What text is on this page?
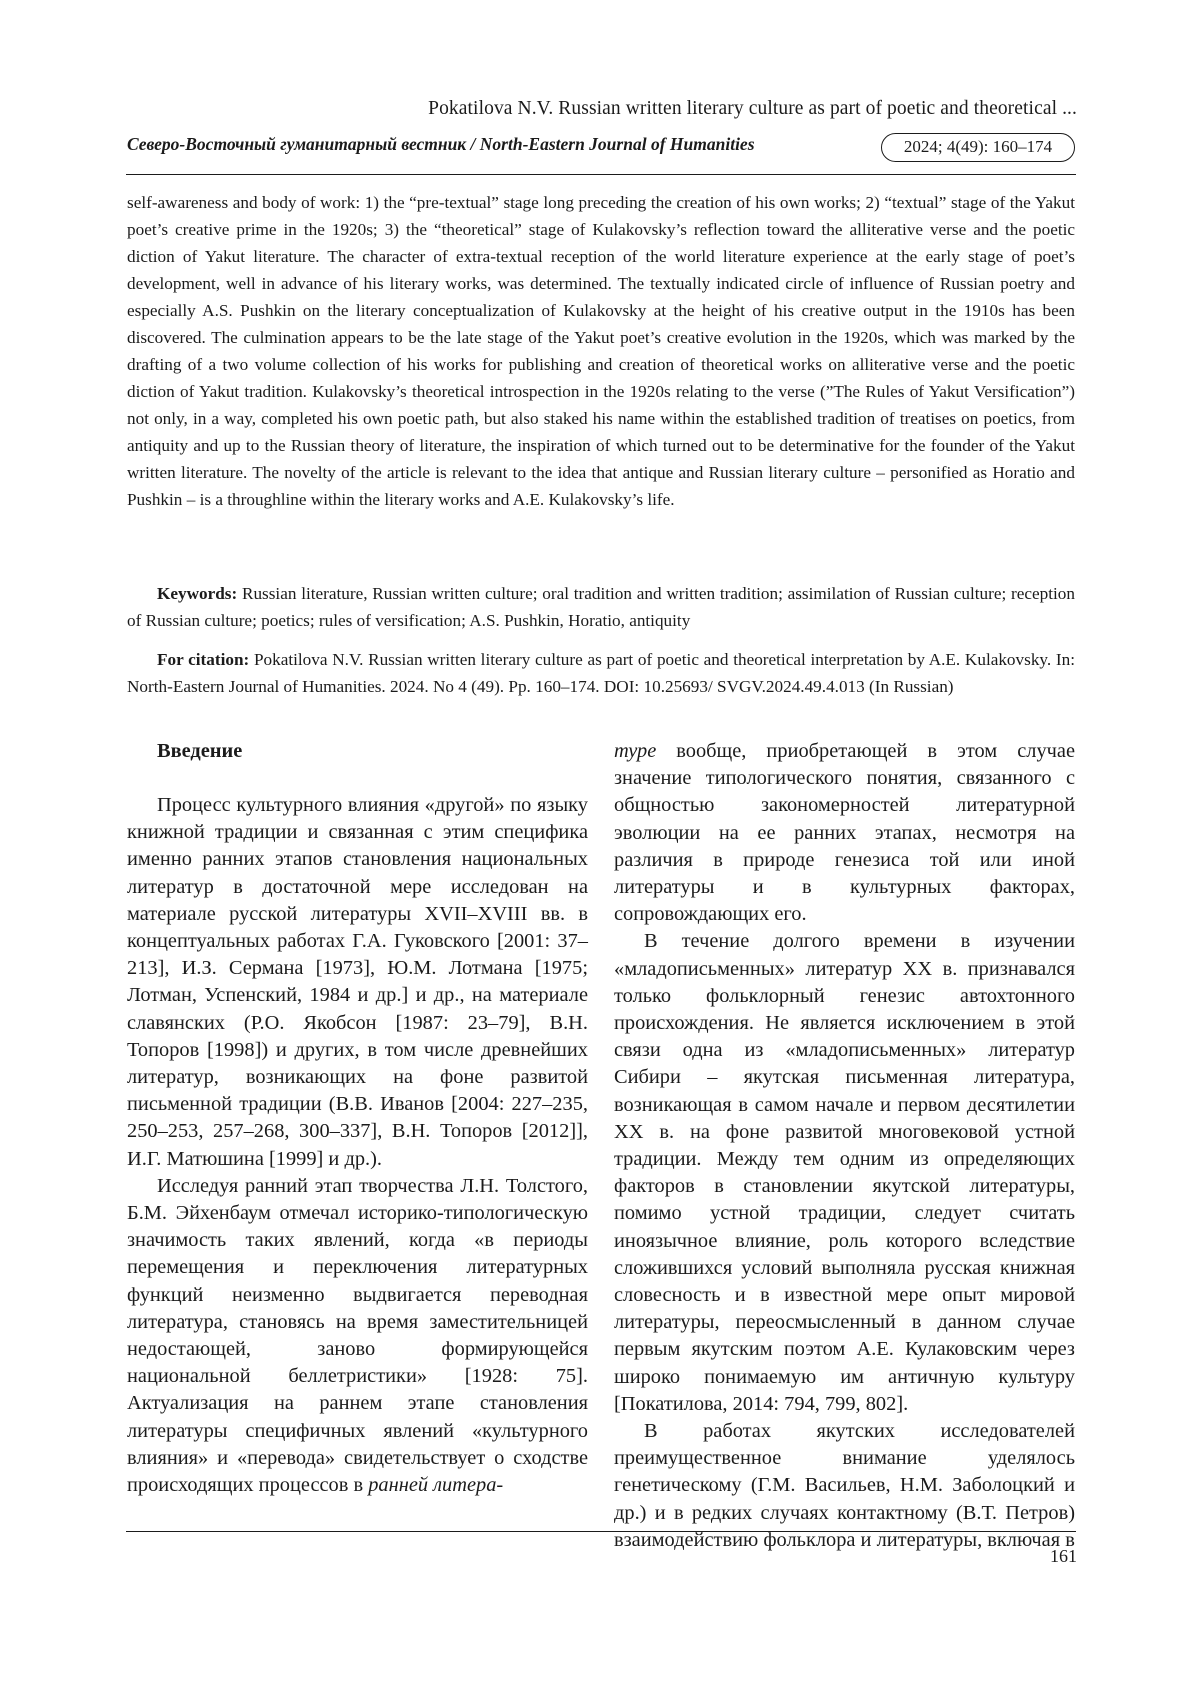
Pokatilova N.V. Russian written literary culture as part of poetic and theoretical ...
Северо-Восточный гуманитарный вестник / North-Eastern Journal of Humanities	2024; 4(49): 160–174

self-awareness and body of work: 1) the “pre-textual” stage long preceding the creation of his own works; 2) “textual” stage of the Yakut poet’s creative prime in the 1920s; 3) the “theoretical” stage of Kulakovsky’s reflection toward the alliterative verse and the poetic diction of Yakut literature. The character of extra-textual reception of the world literature experience at the early stage of poet’s development, well in advance of his literary works, was determined. The textually indicated circle of influence of Russian poetry and especially A.S. Pushkin on the literary conceptualization of Kulakovsky at the height of his creative output in the 1910s has been discovered. The culmination appears to be the late stage of the Yakut poet’s creative evolution in the 1920s, which was marked by the drafting of a two volume collection of his works for publishing and creation of theoretical works on alliterative verse and the poetic diction of Yakut tradition. Kulakovsky’s theoretical introspection in the 1920s relating to the verse (”The Rules of Yakut Versification”) not only, in a way, completed his own poetic path, but also staked his name within the established tradition of treatises on poetics, from antiquity and up to the Russian theory of literature, the inspiration of which turned out to be determinative for the founder of the Yakut written literature. The novelty of the article is relevant to the idea that antique and Russian literary culture – personified as Horatio and Pushkin – is a throughline within the literary works and A.E. Kulakovsky’s life.

Keywords: Russian literature, Russian written culture; oral tradition and written tradition; assimilation of Russian culture; reception of Russian culture; poetics; rules of versification; A.S. Pushkin, Horatio, antiquity

For citation: Pokatilova N.V. Russian written literary culture as part of poetic and theoretical interpretation by A.E. Kulakovsky. In: North-Eastern Journal of Humanities. 2024. No 4 (49). Pp. 160–174. DOI: 10.25693/ SVGV.2024.49.4.013 (In Russian)

Введение

Процесс культурного влияния «другой» по языку книжной традиции и связанная с этим специфика именно ранних этапов становления национальных литератур в достаточной мере исследован на материале русской литературы XVII–XVIII вв. в концептуальных работах Г.А. Гуковского [2001: 37–213], И.З. Сермана [1973], Ю.М. Лотмана [1975; Лотман, Успенский, 1984 и др.] и др., на материале славянских (Р.О. Якобсон [1987: 23–79], В.Н. Топоров [1998]) и других, в том числе древнейших литератур, возникающих на фоне развитой письменной традиции (В.В. Иванов [2004: 227–235, 250–253, 257–268, 300–337], В.Н. Топоров [2012]], И.Г. Матюшина [1999] и др.).

Исследуя ранний этап творчества Л.Н. Толстого, Б.М. Эйхенбаум отмечал историко-типологическую значимость таких явлений, когда «в периоды перемещения и переключения литературных функций неизменно выдвигается переводная литература, становясь на время заместительницей недостающей, заново формирующейся национальной беллетристики» [1928: 75]. Актуализация на раннем этапе становления литературы специфичных явлений «культурного влияния» и «перевода» свидетельствует о сходстве происходящих процессов в ранней литера-

туре вообще, приобретающей в этом случае значение типологического понятия, связанного с общностью закономерностей литературной эволюции на ее ранних этапах, несмотря на различия в природе генезиса той или иной литературы и в культурных факторах, сопровождающих его.

В течение долгого времени в изучении «младописьменных» литератур XX в. признавался только фольклорный генезис автохтонного происхождения. Не является исключением в этой связи одна из «младописьменных» литератур Сибири – якутская письменная литература, возникающая в самом начале и первом десятилетии XX в. на фоне развитой многовековой устной традиции. Между тем одним из определяющих факторов в становлении якутской литературы, помимо устной традиции, следует считать иноязычное влияние, роль которого вследствие сложившихся условий выполняла русская книжная словесность и в известной мере опыт мировой литературы, переосмысленный в данном случае первым якутским поэтом А.Е. Кулаковским через широко понимаемую им античную культуру [Покатилова, 2014: 794, 799, 802].

В работах якутских исследователей преимущественное внимание уделялось генетическому (Г.М. Васильев, Н.М. Заболоцкий и др.) и в редких случаях контактному (В.Т. Петров) взаимодействию фольклора и литературы, включая в

161
